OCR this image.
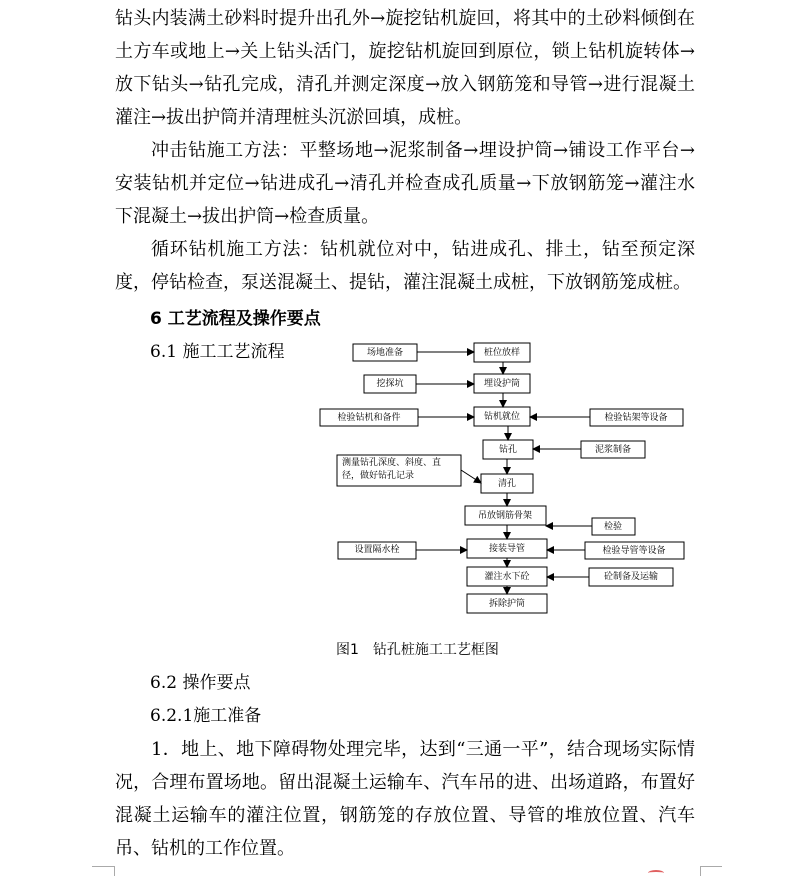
钻头内装满土砂料时提升出孔外→旋挖钻机旋回，将其中的土砂料倾倒在土方车或地上→关上钻头活门，旋挖钻机旋回到原位，锁上钻机旋转体→放下钻头→钻孔完成，清孔并测定深度→放入钢筋笼和导管→进行混凝土灌注→拔出护筒并清理桩头沉淤回填，成桩。

冲击钻施工方法：平整场地→泥浆制备→埋设护筒→铺设工作平台→安装钻机并定位→钻进成孔→清孔并检查成孔质量→下放钢筋笼→灌注水下混凝土→拔出护筒→检查质量。

循环钻机施工方法：钻机就位对中，钻进成孔、排土，钻至预定深度，停钻检查，泵送混凝土、提钻，灌注混凝土成桩，下放钢筋笼成桩。

6 工艺流程及操作要点
6.1 施工工艺流程	桩位放样
埋设护筒
钻机就位
钻孔
清孔
吊放钢筋骨架
接装导管
灌注水下砼
拆除护筒
场地准备
挖探坑
检验钻机和备件
设置隔水栓
检验钻架等设备
泥浆制备
检验
检验导管等设备
砼制备及运输
测量钻孔深度、斜度、直径，做好钻孔记录
图1　钻孔桩施工工艺框图
6.2 操作要点
6.2.1施工准备

1．地上、地下障碍物处理完毕，达到“三通一平”，结合现场实际情况，合理布置场地。留出混凝土运输车、汽车吊的进、出场道路，布置好混凝土运输车的灌注位置，钢筋笼的存放位置、导管的堆放位置、汽车吊、钻机的工作位置。
